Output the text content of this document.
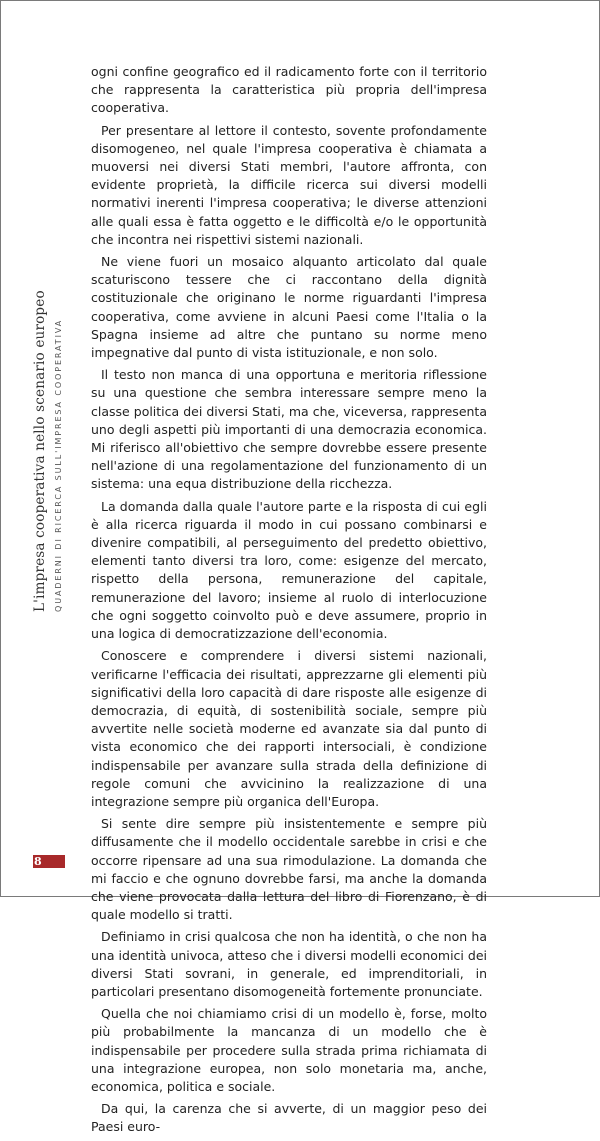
L'impresa cooperativa nello scenario europeo QUADERNI DI RICERCA SULL'IMPRESA COOPERATIVA

ogni confine geografico ed il radicamento forte con il territorio che rappresenta la caratteristica più propria dell'impresa cooperativa.

Per presentare al lettore il contesto, sovente profondamente disomogeneo, nel quale l'impresa cooperativa è chiamata a muoversi nei diversi Stati membri, l'autore affronta, con evidente proprietà, la difficile ricerca sui diversi modelli normativi inerenti l'impresa cooperativa; le diverse attenzioni alle quali essa è fatta oggetto e le difficoltà e/o le opportunità che incontra nei rispettivi sistemi nazionali.

Ne viene fuori un mosaico alquanto articolato dal quale scaturiscono tessere che ci raccontano della dignità costituzionale che originano le norme riguardanti l'impresa cooperativa, come avviene in alcuni Paesi come l'Italia o la Spagna insieme ad altre che puntano su norme meno impegnative dal punto di vista istituzionale, e non solo.

Il testo non manca di una opportuna e meritoria riflessione su una questione che sembra interessare sempre meno la classe politica dei diversi Stati, ma che, viceversa, rappresenta uno degli aspetti più importanti di una democrazia economica. Mi riferisco all'obiettivo che sempre dovrebbe essere presente nell'azione di una regolamentazione del funzionamento di un sistema: una equa distribuzione della ricchezza.

La domanda dalla quale l'autore parte e la risposta di cui egli è alla ricerca riguarda il modo in cui possano combinarsi e divenire compatibili, al perseguimento del predetto obiettivo, elementi tanto diversi tra loro, come: esigenze del mercato, rispetto della persona, remunerazione del capitale, remunerazione del lavoro; insieme al ruolo di interlocuzione che ogni soggetto coinvolto può e deve assumere, proprio in una logica di democratizzazione dell'economia.

Conoscere e comprendere i diversi sistemi nazionali, verificarne l'efficacia dei risultati, apprezzarne gli elementi più significativi della loro capacità di dare risposte alle esigenze di democrazia, di equità, di sostenibilità sociale, sempre più avvertite nelle società moderne ed avanzate sia dal punto di vista economico che dei rapporti intersociali, è condizione indispensabile per avanzare sulla strada della definizione di regole comuni che avvicinino la realizzazione di una integrazione sempre più organica dell'Europa.

Si sente dire sempre più insistentemente e sempre più diffusamente che il modello occidentale sarebbe in crisi e che occorre ripensare ad una sua rimodulazione. La domanda che mi faccio e che ognuno dovrebbe farsi, ma anche la domanda che viene provocata dalla lettura del libro di Fiorenzano, è di quale modello si tratti.

Definiamo in crisi qualcosa che non ha identità, o che non ha una identità univoca, atteso che i diversi modelli economici dei diversi Stati sovrani, in generale, ed imprenditoriali, in particolari presentano disomogeneità fortemente pronunciate.

Quella che noi chiamiamo crisi di un modello è, forse, molto più probabilmente la mancanza di un modello che è indispensabile per procedere sulla strada prima richiamata di una integrazione europea, non solo monetaria ma, anche, economica, politica e sociale.

Da qui, la carenza che si avverte, di un maggior peso dei Paesi euro-

8
